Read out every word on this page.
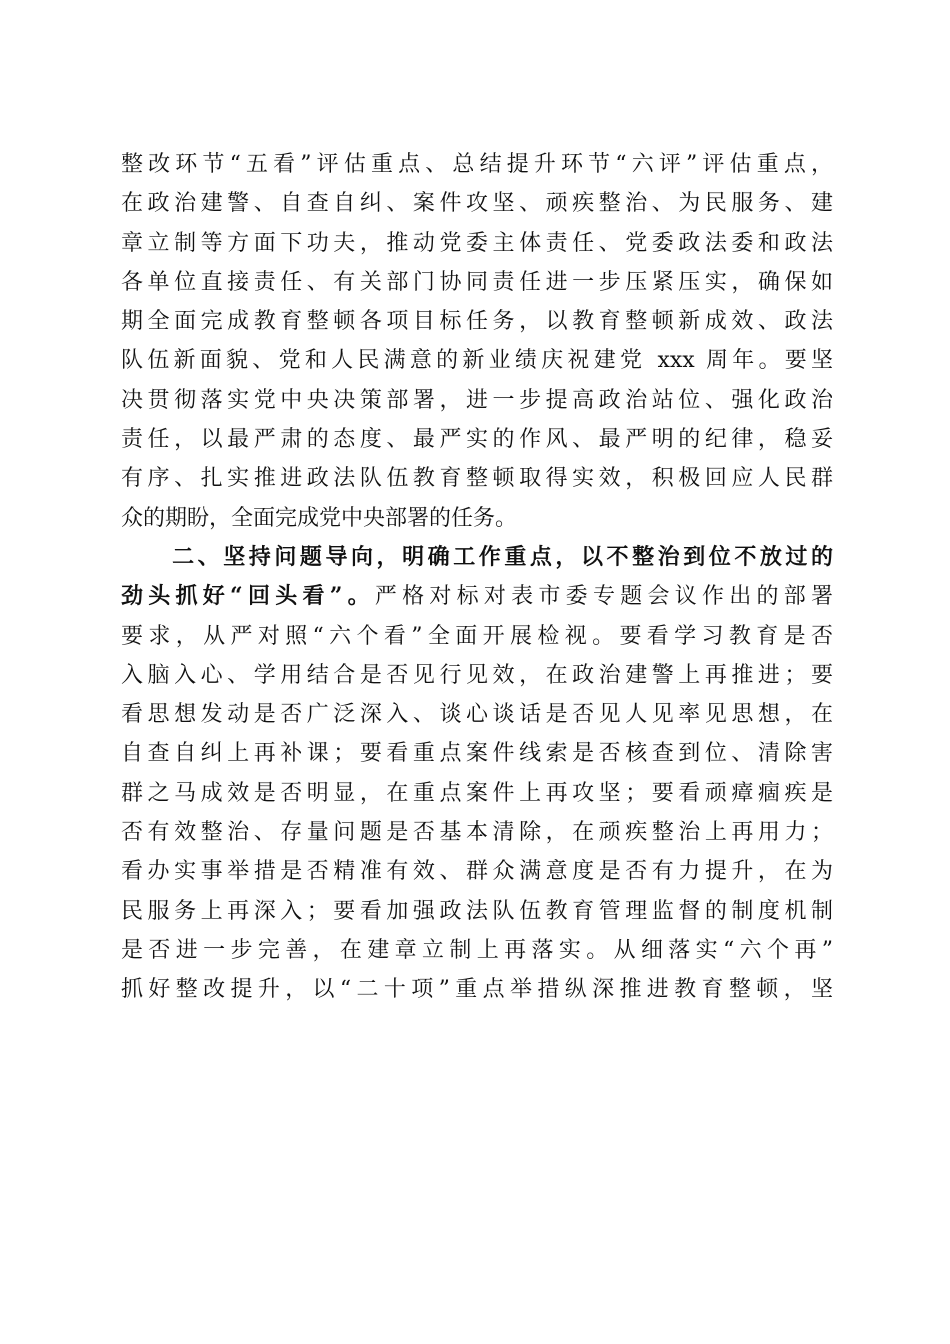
整改环节“五看”评估重点、总结提升环节“六评”评估重点，
在政治建警、自查自纠、案件攻坚、顽疾整治、为民服务、建
章立制等方面下功夫，推动党委主体责任、党委政法委和政法
各单位直接责任、有关部门协同责任进一步压紧压实，确保如
期全面完成教育整顿各项目标任务，以教育整顿新成效、政法
队伍新面貌、党和人民满意的新业绩庆祝建党 xxx 周年。要坚
决贯彻落实党中央决策部署，进一步提高政治站位、强化政治
责任，以最严肃的态度、最严实的作风、最严明的纪律，稳妥
有序、扎实推进政法队伍教育整顿取得实效，积极回应人民群
众的期盼，全面完成党中央部署的任务。
　　二、坚持问题导向，明确工作重点，以不整治到位不放过的
劲头抓好“回头看”。严格对标对表市委专题会议作出的部署
要求，从严对照“六个看”全面开展检视。要看学习教育是否
入脑入心、学用结合是否见行见效，在政治建警上再推进；要
看思想发动是否广泛深入、谈心谈话是否见人见率见思想，在
自查自纠上再补课；要看重点案件线索是否核查到位、清除害
群之马成效是否明显，在重点案件上再攻坚；要看顽瘴痼疾是
否有效整治、存量问题是否基本清除，在顽疾整治上再用力；
看办实事举措是否精准有效、群众满意度是否有力提升，在为
民服务上再深入；要看加强政法队伍教育管理监督的制度机制
是否进一步完善，在建章立制上再落实。从细落实“六个再”
抓好整改提升，以“二十项”重点举措纵深推进教育整顿，坚
